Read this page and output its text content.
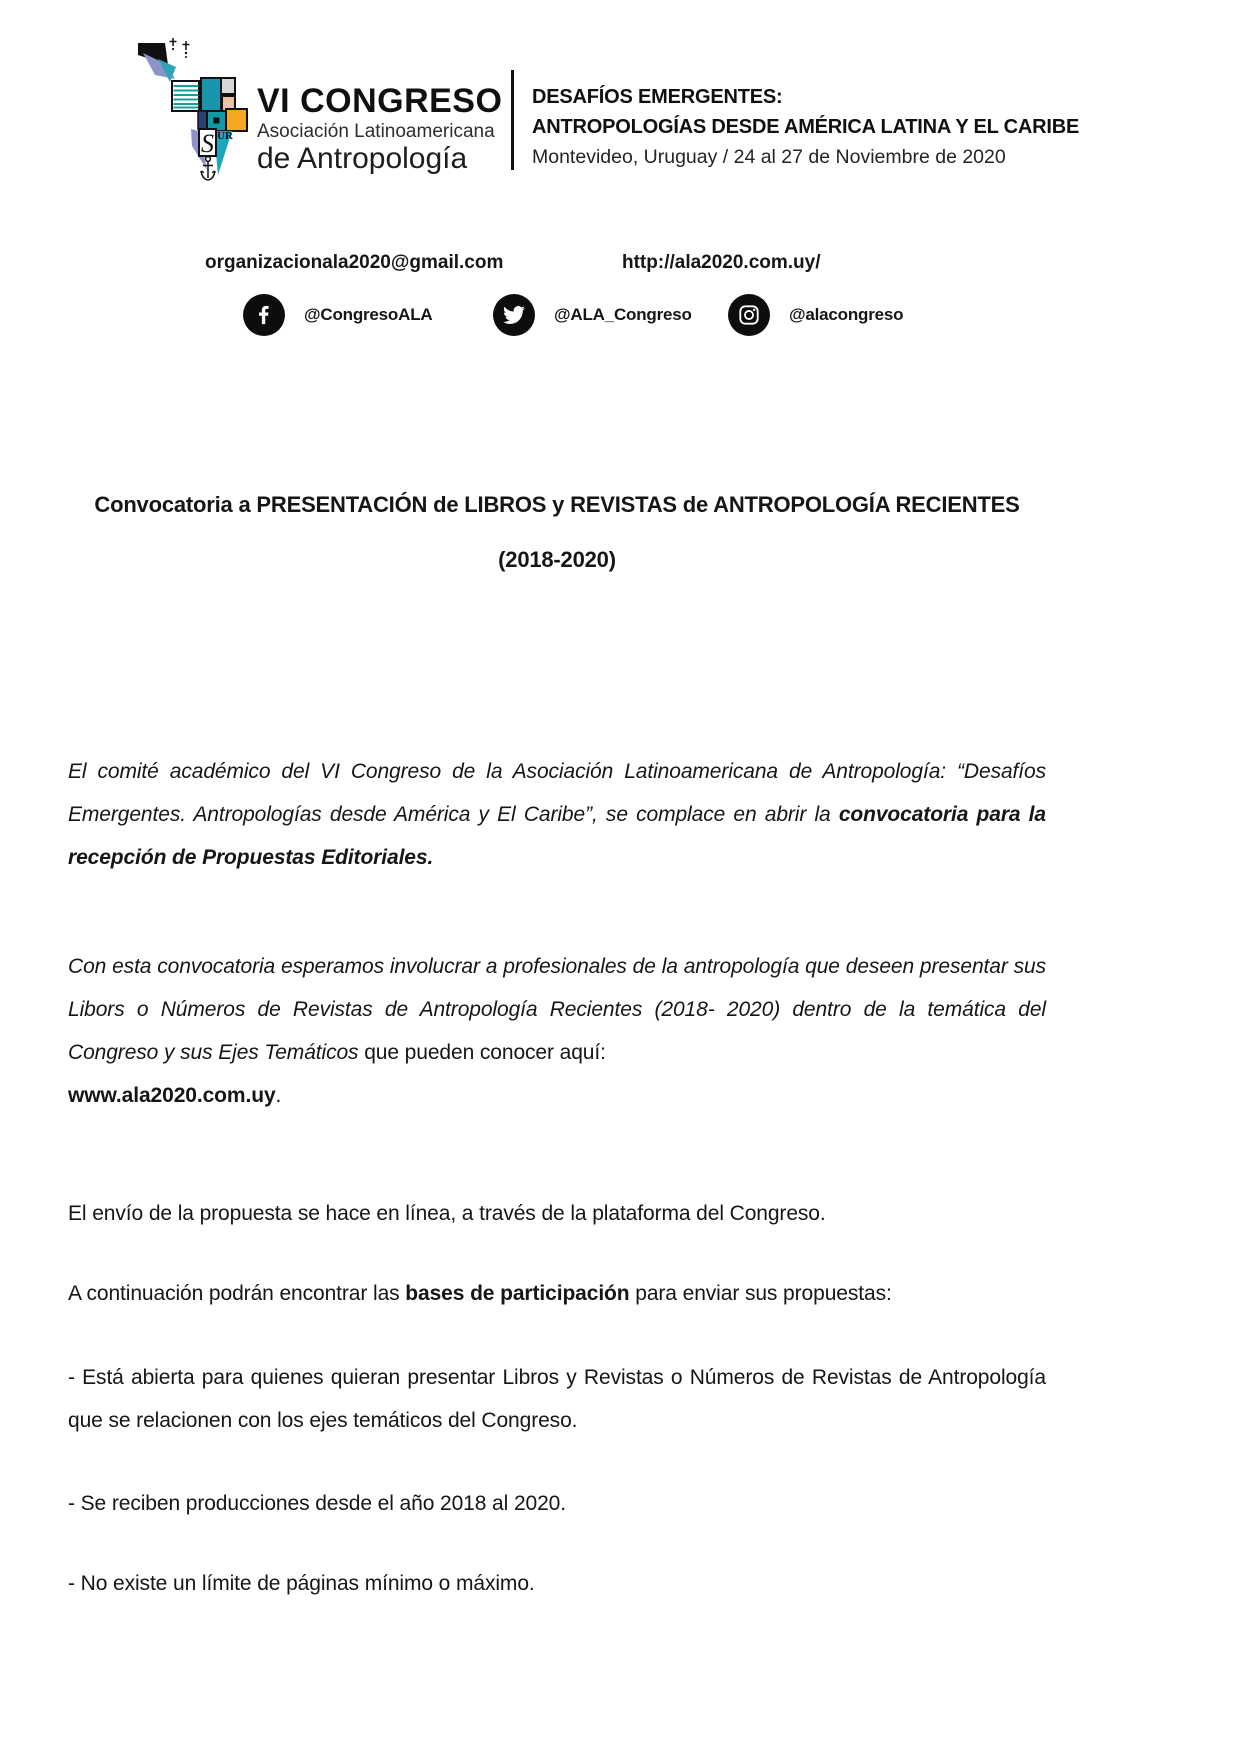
S UR
VI CONGRESO
Asociación Latinoamericana
de Antropología
DESAFÍOS EMERGENTES:
ANTROPOLOGÍAS DESDE AMÉRICA LATINA Y EL CARIBE
Montevideo, Uruguay / 24 al 27 de Noviembre de 2020
organizacionala2020@gmail.com	http://ala2020.com.uy/
@CongresoALA	@ALA_Congreso	@alacongreso
Convocatoria a PRESENTACIÓN de LIBROS y REVISTAS de ANTROPOLOGÍA RECIENTES
(2018-2020)

El comité académico del VI Congreso de la Asociación Latinoamericana de Antropología: “Desafíos Emergentes. Antropologías desde América y El Caribe”, se complace en abrir la convocatoria para la recepción de Propuestas Editoriales.

Con esta convocatoria esperamos involucrar a profesionales de la antropología que deseen presentar sus Libors o Números de Revistas de Antropología Recientes (2018- 2020) dentro de la temática del Congreso y sus Ejes Temáticos que pueden conocer aquí:
www.ala2020.com.uy.

El envío de la propuesta se hace en línea, a través de la plataforma del Congreso.

A continuación podrán encontrar las bases de participación para enviar sus propuestas:

- Está abierta para quienes quieran presentar Libros y Revistas o Números de Revistas de Antropología que se relacionen con los ejes temáticos del Congreso.

- Se reciben producciones desde el año 2018 al 2020.

- No existe un límite de páginas mínimo o máximo.
